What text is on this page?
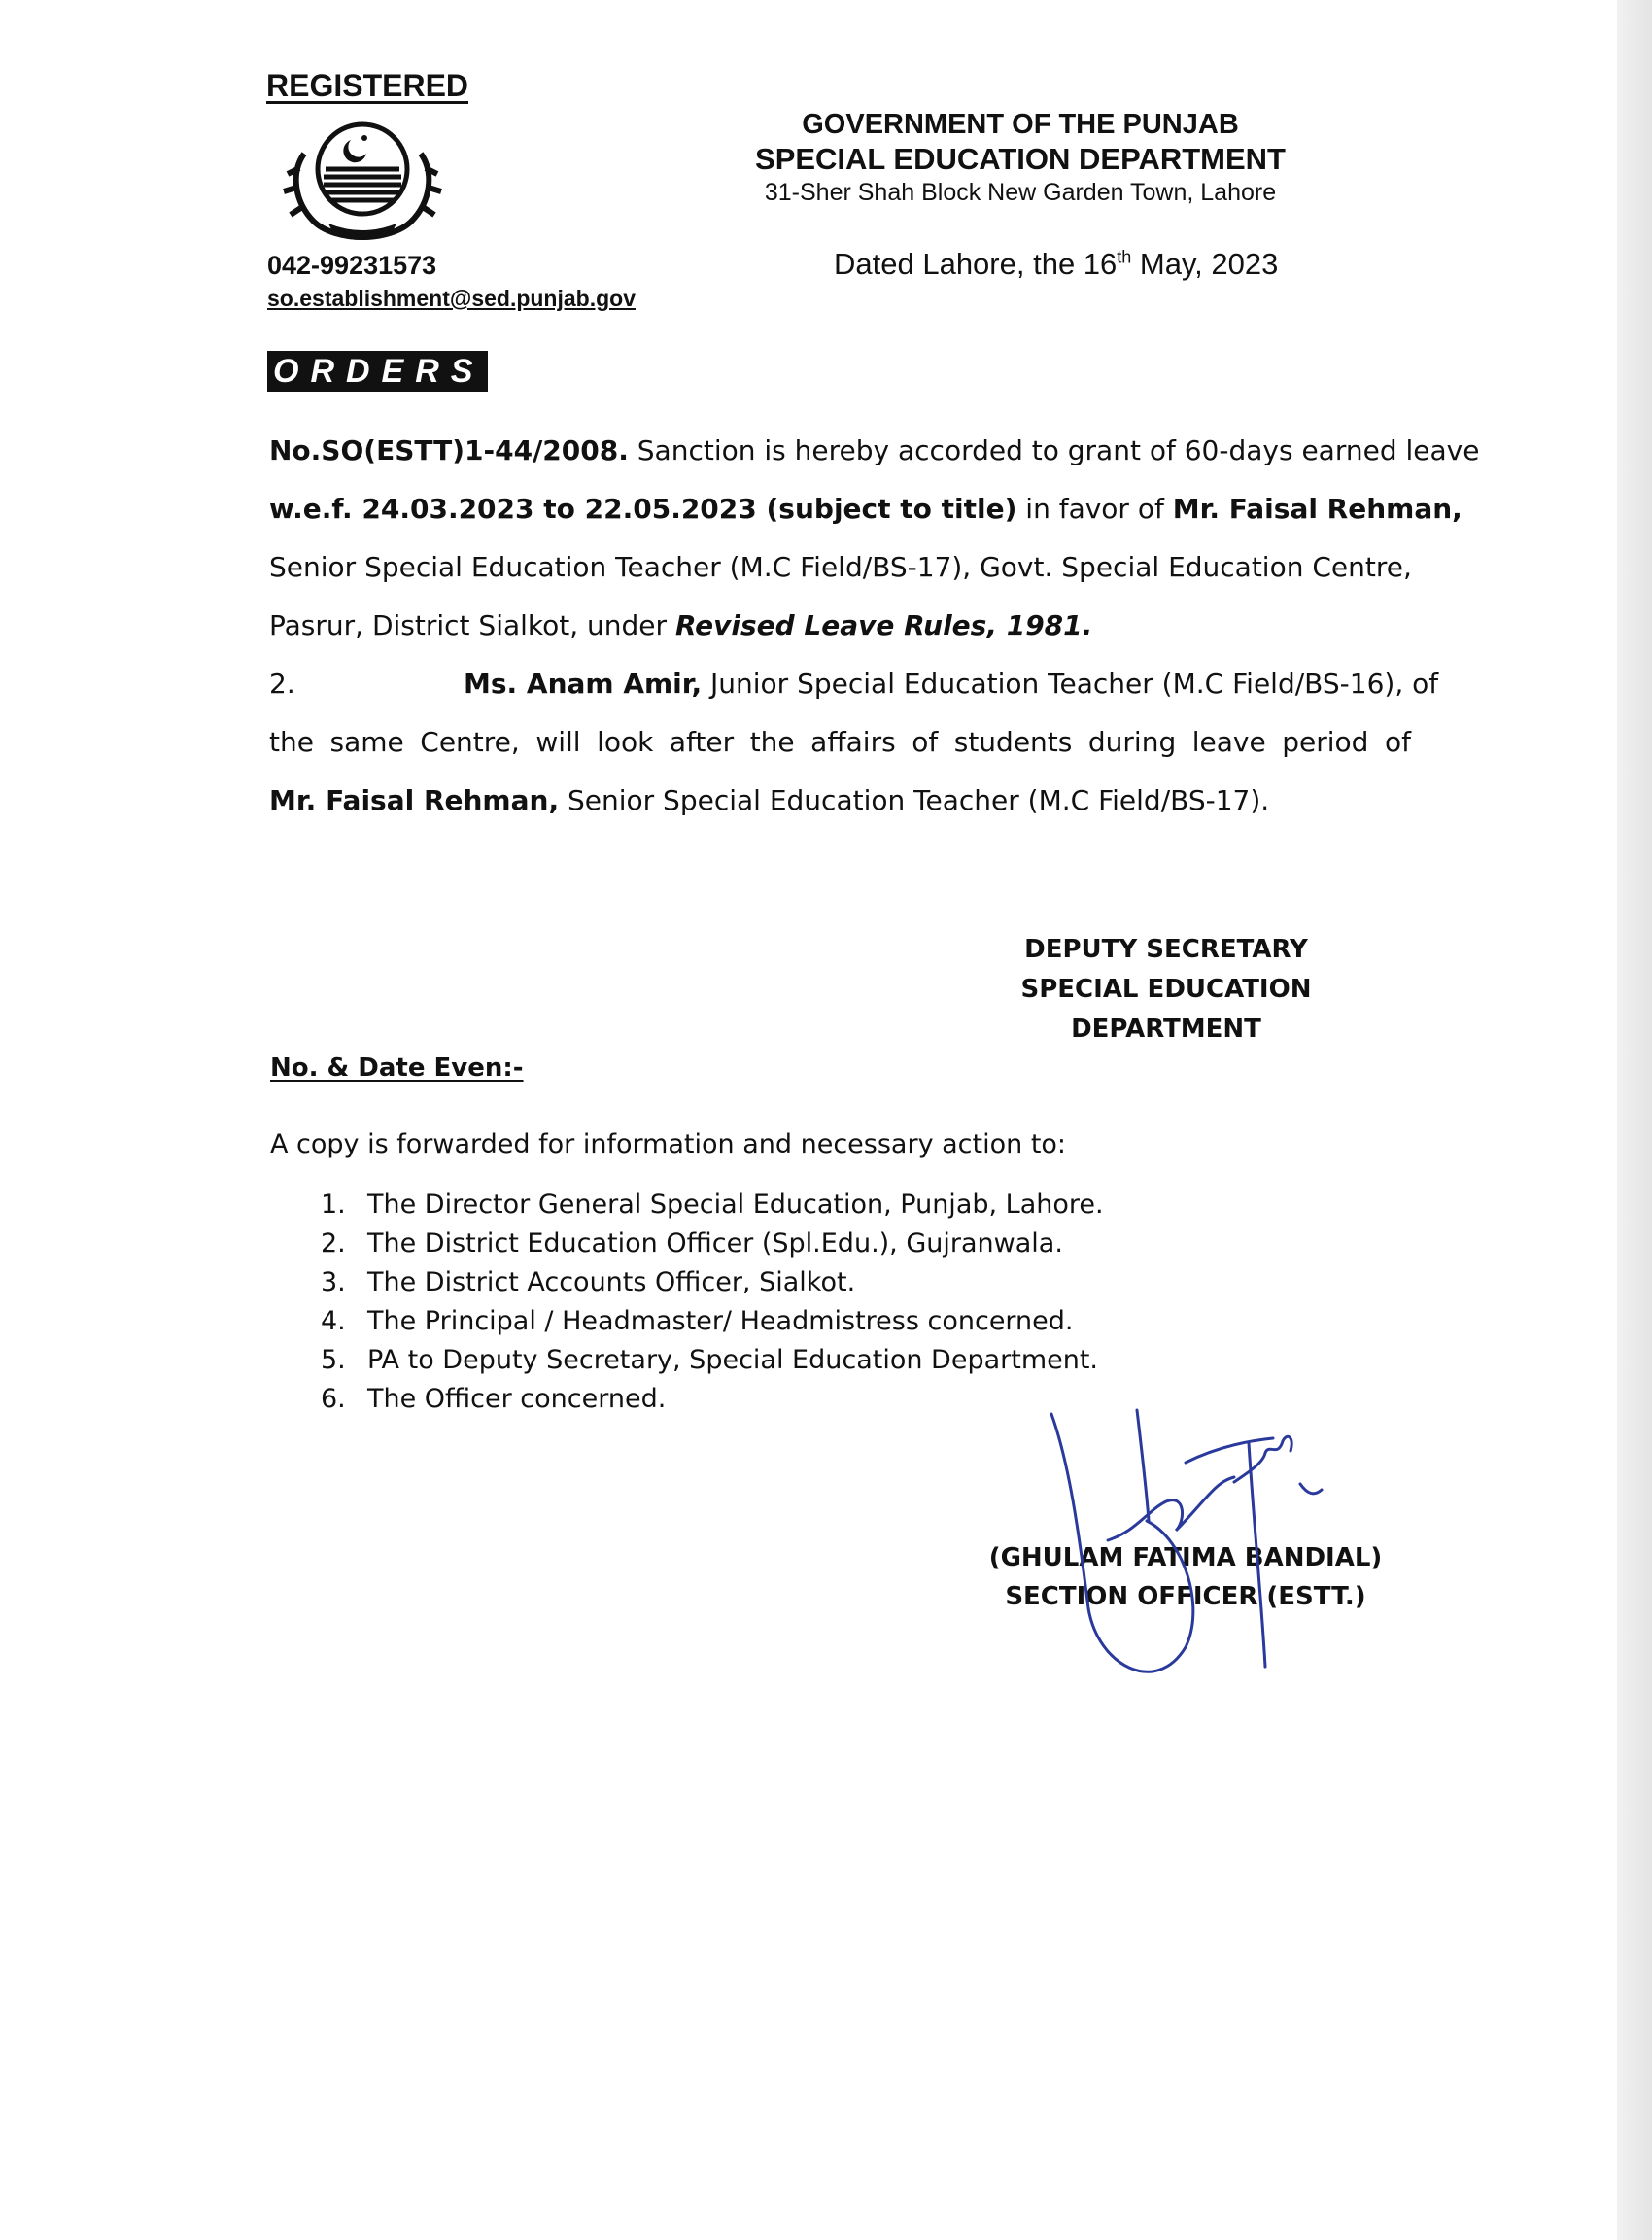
REGISTERED
042-99231573
so.establishment@sed.punjab.gov
GOVERNMENT OF THE PUNJAB
SPECIAL EDUCATION DEPARTMENT
31-Sher Shah Block New Garden Town, Lahore
Dated Lahore, the 16th May, 2023
ORDERS
No.SO(ESTT)1-44/2008. Sanction is hereby accorded to grant of 60-days earned leave
w.e.f. 24.03.2023 to 22.05.2023 (subject to title) in favor of Mr. Faisal Rehman,
Senior Special Education Teacher (M.C Field/BS-17), Govt. Special Education Centre,
Pasrur, District Sialkot, under Revised Leave Rules, 1981.
2.	Ms. Anam Amir, Junior Special Education Teacher (M.C Field/BS-16), of
the same Centre, will look after the affairs of students during leave period of
Mr. Faisal Rehman, Senior Special Education Teacher (M.C Field/BS-17).
DEPUTY SECRETARY
SPECIAL EDUCATION
DEPARTMENT
No. & Date Even:-
A copy is forwarded for information and necessary action to:
1. The Director General Special Education, Punjab, Lahore.
2. The District Education Officer (Spl.Edu.), Gujranwala.
3. The District Accounts Officer, Sialkot.
4. The Principal / Headmaster/ Headmistress concerned.
5. PA to Deputy Secretary, Special Education Department.
6. The Officer concerned.
(GHULAM FATIMA BANDIAL)
SECTION OFFICER (ESTT.)
